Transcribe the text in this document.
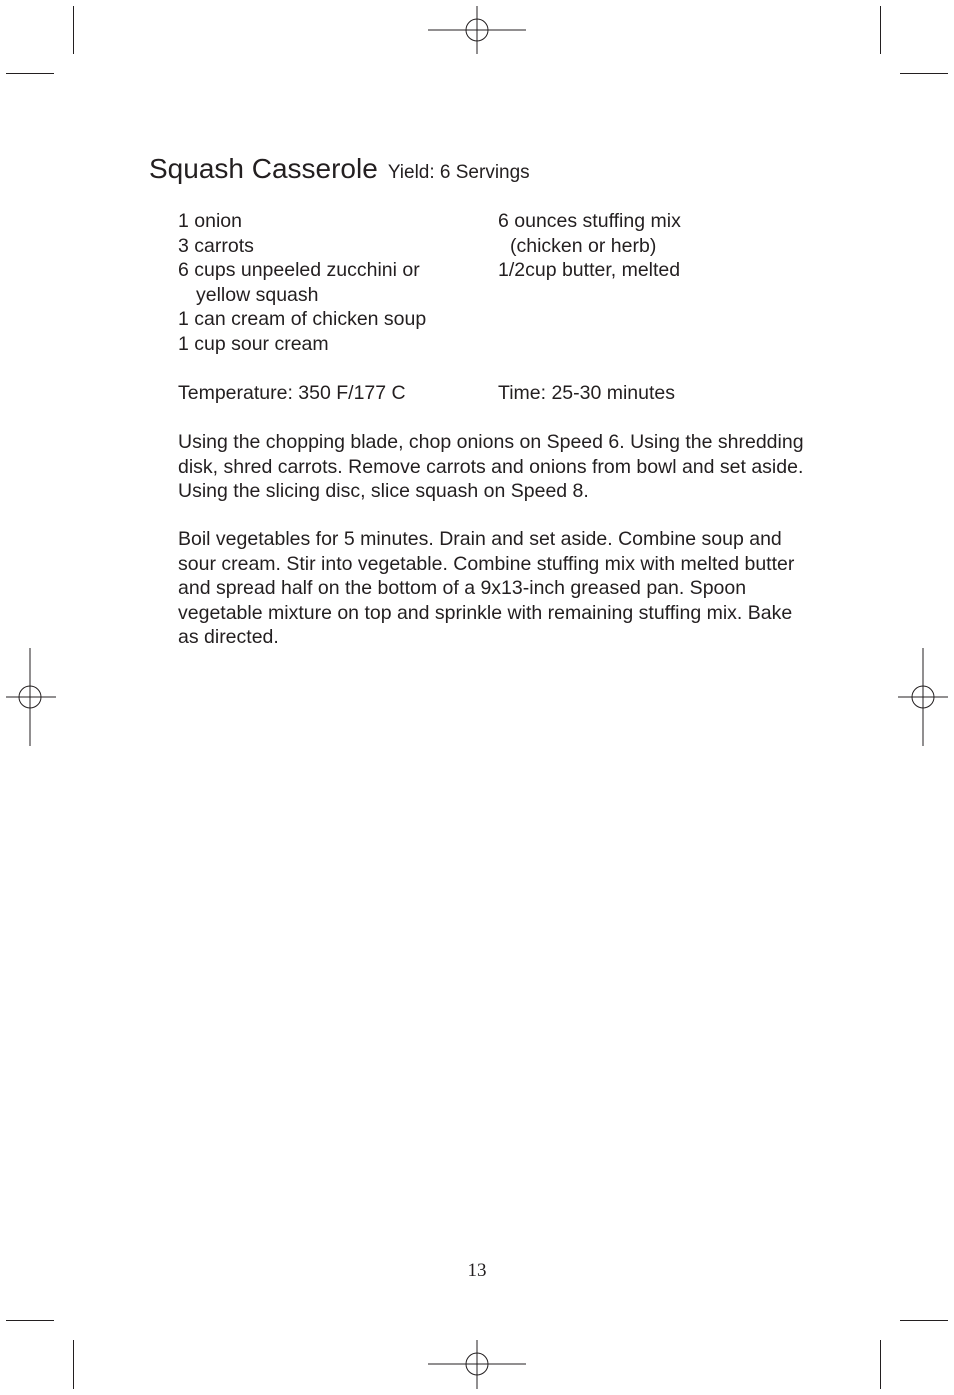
Squash Casserole Yield: 6 Servings
1 onion
3 carrots
6 cups unpeeled zucchini or
yellow squash
1 can cream of chicken soup
1 cup sour cream
6 ounces stuffing mix
(chicken or herb)
1/2cup butter, melted
Temperature: 350 F/177 C	Time: 25-30 minutes

Using the chopping blade, chop onions on Speed 6. Using the shredding disk, shred carrots. Remove carrots and onions from bowl and set aside. Using the slicing disc, slice squash on Speed 8.

Boil vegetables for 5 minutes. Drain and set aside. Combine soup and sour cream. Stir into vegetable. Combine stuffing mix with melted butter and spread half on the bottom of a 9x13-inch greased pan. Spoon vegetable mixture on top and sprinkle with remaining stuffing mix. Bake as directed.

13
